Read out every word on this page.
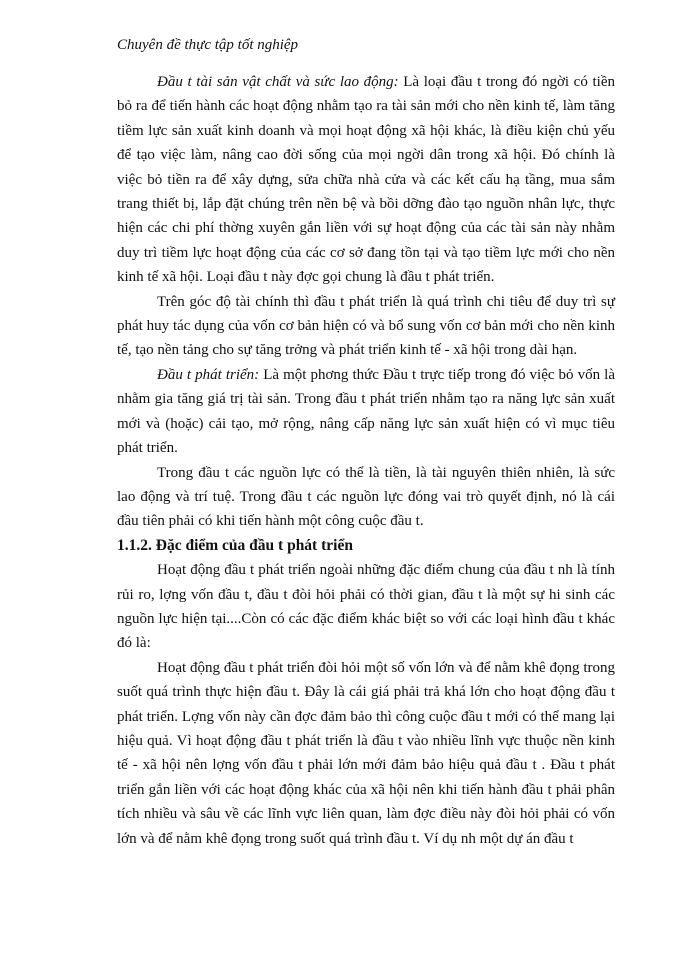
Chuyên đề thực tập tốt nghiệp

Đầu t tài sản vật chất và sức lao động: Là loại đầu t trong đó ngời có tiền bỏ ra để tiến hành các hoạt động nhằm tạo ra tài sản mới cho nền kinh tế, làm tăng tiềm lực sản xuất kinh doanh và mọi hoạt động xã hội khác, là điều kiện chủ yếu để tạo việc làm, nâng cao đời sống của mọi ngời dân trong xã hội. Đó chính là việc bỏ tiền ra để xây dựng, sửa chữa nhà cửa và các kết cấu hạ tầng, mua sắm trang thiết bị, lắp đặt chúng trên nền bệ và bồi dỡng đào tạo nguồn nhân lực, thực hiện các chi phí thờng xuyên gắn liền với sự hoạt động của các tài sản này nhằm duy trì tiềm lực hoạt động của các cơ sở đang tồn tại và tạo tiềm lực mới cho nền kinh tế xã hội. Loại đầu t này đợc gọi chung là đầu t phát triển.

Trên góc độ tài chính thì đầu t phát triển là quá trình chi tiêu để duy trì sự phát huy tác dụng của vốn cơ bản hiện có và bổ sung vốn cơ bản mới cho nền kinh tế, tạo nền tảng cho sự tăng trởng và phát triển kinh tế - xã hội trong dài hạn.

Đầu t phát triển: Là một phơng thức Đầu t trực tiếp trong đó việc bỏ vốn là nhằm gia tăng giá trị tài sản. Trong đầu t phát triển nhằm tạo ra năng lực sản xuất mới và (hoặc) cải tạo, mở rộng, nâng cấp năng lực sản xuất hiện có vì mục tiêu phát triển.

Trong đầu t các nguồn lực có thể là tiền, là tài nguyên thiên nhiên, là sức lao động và trí tuệ. Trong đầu t các nguồn lực đóng vai trò quyết định, nó là cái đầu tiên phải có khi tiến hành một công cuộc đầu t.

1.1.2. Đặc điểm của đầu t phát triển

Hoạt động đầu t phát triển ngoài những đặc điểm chung của đầu t nh là tính rủi ro, lợng vốn đầu t, đầu t đòi hỏi phải có thời gian, đầu t là một sự hi sinh các nguồn lực hiện tại....Còn có các đặc điểm khác biệt so với các loại hình đầu t khác đó là:

Hoạt động đầu t phát triển đòi hỏi một số vốn lớn và để nằm khê đọng trong suốt quá trình thực hiện đầu t. Đây là cái giá phải trả khá lớn cho hoạt động đầu t phát triển. Lợng vốn này cần đợc đảm bảo thì công cuộc đầu t mới có thể mang lại hiệu quả. Vì hoạt động đầu t phát triển là đầu t vào nhiều lĩnh vực thuộc nền kinh tế - xã hội nên lợng vốn đầu t phải lớn mới đảm bảo hiệu quả đầu t . Đầu t phát triển gắn liền với các hoạt động khác của xã hội nên khi tiến hành đầu t phải phân tích nhiều và sâu về các lĩnh vực liên quan, làm đợc điều này đòi hỏi phải có vốn lớn và để nằm khê đọng trong suốt quá trình đầu t. Ví dụ nh một dự án đầu t
